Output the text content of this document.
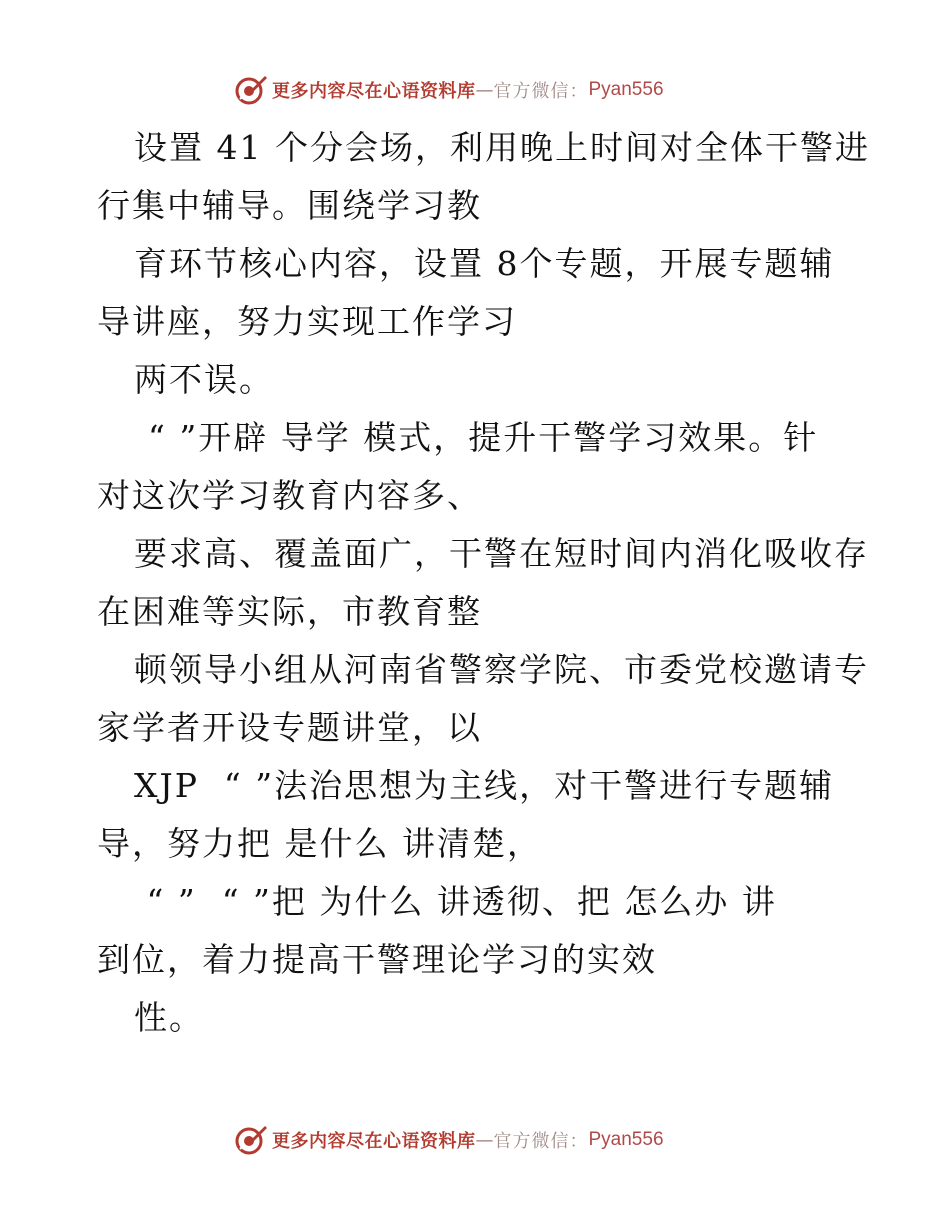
更多内容尽在心语资料库 — 官方微信： Pyan556
设置 41 个分会场，利用晚上时间对全体干警进
行集中辅导。围绕学习教
育环节核心内容，设置 8个专题，开展专题辅
导讲座，努力实现工作学习
两不误。
“ ”开辟 导学 模式，提升干警学习效果。针
对这次学习教育内容多、
要求高、覆盖面广，干警在短时间内消化吸收存
在困难等实际，市教育整
顿领导小组从河南省警察学院、市委党校邀请专
家学者开设专题讲堂，以
XJP  “ ”法治思想为主线，对干警进行专题辅
导，努力把 是什么 讲清楚，
“ ”  “ ”把 为什么 讲透彻、把 怎么办 讲
到位，着力提高干警理论学习的实效
性。
更多内容尽在心语资料库 — 官方微信： Pyan556
